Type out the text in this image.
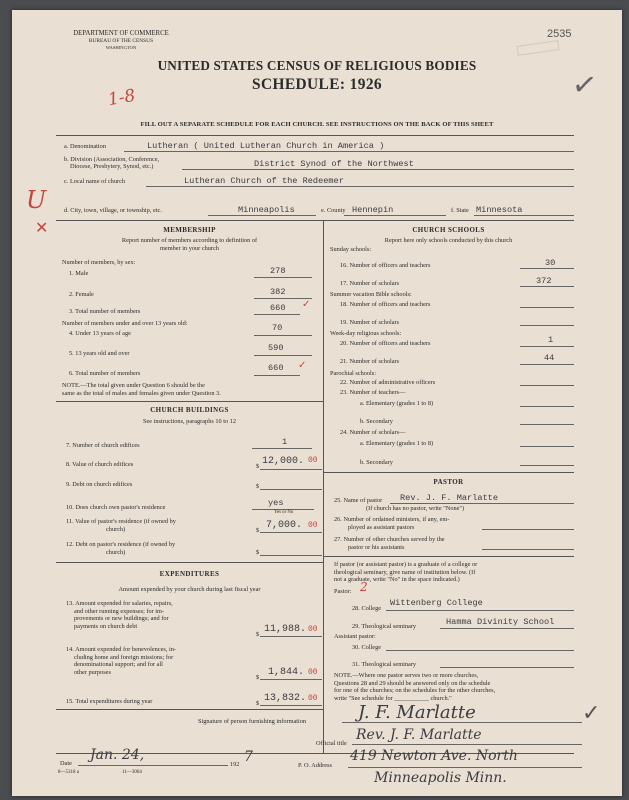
DEPARTMENT OF COMMERCE
BUREAU OF THE CENSUS
WASHINGTON
2535
UNITED STATES CENSUS OF RELIGIOUS BODIES
SCHEDULE: 1926
1-8
FILL OUT A SEPARATE SCHEDULE FOR EACH CHURCH. SEE INSTRUCTIONS ON THE BACK OF THIS SHEET
a. Denomination	Lutheran ( United Lutheran Church in America )
b. Division (Association, Conference,
Diocese, Presbytery, Synod, etc.)	District Synod of the Northwest
c. Local name of church	Lutheran Church of the Redeemer
U
✕
d. City, town, village, or township, etc.	Minneapolis	e. County Hennepin	f. State Minnesota
MEMBERSHIP
Report number of members according to definition of
member in your church
Number of members, by sex:
1. Male	278
2. Female	382
3. Total number of members	660 ✓
Number of members under and over 13 years old:
4. Under 13 years of age
70
5. 13 years old and over
590
6. Total number of members
660 ✓
NOTE.—The total given under Question 6 should be the
same as the total of males and females given under Question 3.
CHURCH BUILDINGS
See instructions, paragraphs 10 to 12
7. Number of church edifices	1
8. Value of church edifices	$ 12,000. 00
9. Debt on church edifices	$
10. Does church own pastor's residence	yes
Yes or No
11. Value of pastor's residence (if owned by
church)	$ 7,000. 00
12. Debt on pastor's residence (if owned by
church)	$
EXPENDITURES
Amount expended by your church during last fiscal year
13. Amount expended for salaries, repairs,
and other running expenses; for im-
provements or new buildings; and for
payments on church debt
$ 11,988. 00
14. Amount expended for benevolences, in-
cluding home and foreign missions; for
denominational support; and for all
other purposes
$ 1,844. 00
15. Total expenditures during year	$ 13,832. 00
CHURCH SCHOOLS
Report here only schools conducted by this church
Sunday schools:
16. Number of officers and teachers	30
17. Number of scholars	372
Summer vacation Bible schools:
18. Number of officers and teachers
19. Number of scholars
Week-day religious schools:
20. Number of officers and teachers	1
21. Number of scholars	44
Parochial schools:
22. Number of administrative officers
23. Number of teachers—
a. Elementary (grades 1 to 8)
b. Secondary
24. Number of scholars—
a. Elementary (grades 1 to 8)
b. Secondary
PASTOR
25. Name of pastor Rev. J. F. Marlatte
(If church has no pastor, write "None")
26. Number of ordained ministers, if any, em-
ployed as assistant pastors
27. Number of other churches served by the
pastor or his assistants
If pastor (or assistant pastor) is a graduate of a college or
theological seminary, give name of institution below. (If
not a graduate, write "No" in the space indicated.)
Pastor: 2
28. College
Wittenberg College
29. Theological seminary	Hamma Divinity School
Assistant pastor:
30. College
31. Theological seminary
NOTE.—Where one pastor serves two or more churches,
Questions 28 and 29 should be answered only on the schedule
for one of the churches; on the schedules for the other churches,
write "See schedule for ___________ church."
Signature of person furnishing information	J. F. Marlatte	✓
Official title
Rev. J. F. Marlatte
Date
Jan. 24,
192 7
P. O. Address
419 Newton Ave. North
Minneapolis Minn.
8—5318 a	11—3064
✓
